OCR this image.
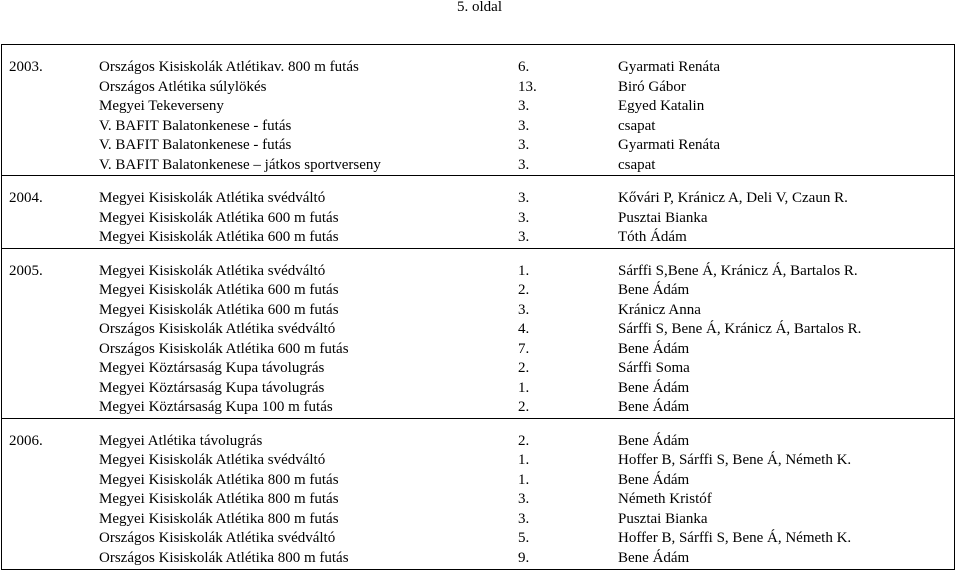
5. oldal
2003.	Országos Kisiskolák Atlétikav. 800 m futás	6.	Gyarmati Renáta
Országos Atlétika súlylökés	13.	Biró Gábor
Megyei Tekeverseny	3.	Egyed Katalin
V. BAFIT Balatonkenese - futás	3.	csapat
V. BAFIT Balatonkenese - futás	3.	Gyarmati Renáta
V. BAFIT Balatonkenese – játkos sportverseny	3.	csapat
2004.	Megyei Kisiskolák Atlétika svédváltó	3.	Kővári P, Kránicz A, Deli V, Czaun R.
Megyei Kisiskolák Atlétika 600 m futás	3.	Pusztai Bianka
Megyei Kisiskolák Atlétika 600 m futás	3.	Tóth Ádám
2005.	Megyei Kisiskolák Atlétika svédváltó	1.	Sárffi S,Bene Á, Kránicz Á, Bartalos R.
Megyei Kisiskolák Atlétika 600 m futás	2.	Bene Ádám
Megyei Kisiskolák Atlétika 600 m futás	3.	Kránicz Anna
Országos Kisiskolák Atlétika svédváltó	4.	Sárffi S, Bene Á, Kránicz Á, Bartalos R.
Országos Kisiskolák Atlétika 600 m futás	7.	Bene Ádám
Megyei Köztársaság Kupa távolugrás	2.	Sárffi Soma
Megyei Köztársaság Kupa távolugrás	1.	Bene Ádám
Megyei Köztársaság Kupa 100 m futás	2.	Bene Ádám
2006.	Megyei Atlétika távolugrás	2.	Bene Ádám
Megyei Kisiskolák Atlétika svédváltó	1.	Hoffer B, Sárffi S, Bene Á, Németh K.
Megyei Kisiskolák Atlétika 800 m futás	1.	Bene Ádám
Megyei Kisiskolák Atlétika 800 m futás	3.	Németh Kristóf
Megyei Kisiskolák Atlétika 800 m futás	3.	Pusztai Bianka
Országos Kisiskolák Atlétika svédváltó	5.	Hoffer B, Sárffi S, Bene Á, Németh K.
Országos Kisiskolák Atlétika 800 m futás	9.	Bene Ádám
